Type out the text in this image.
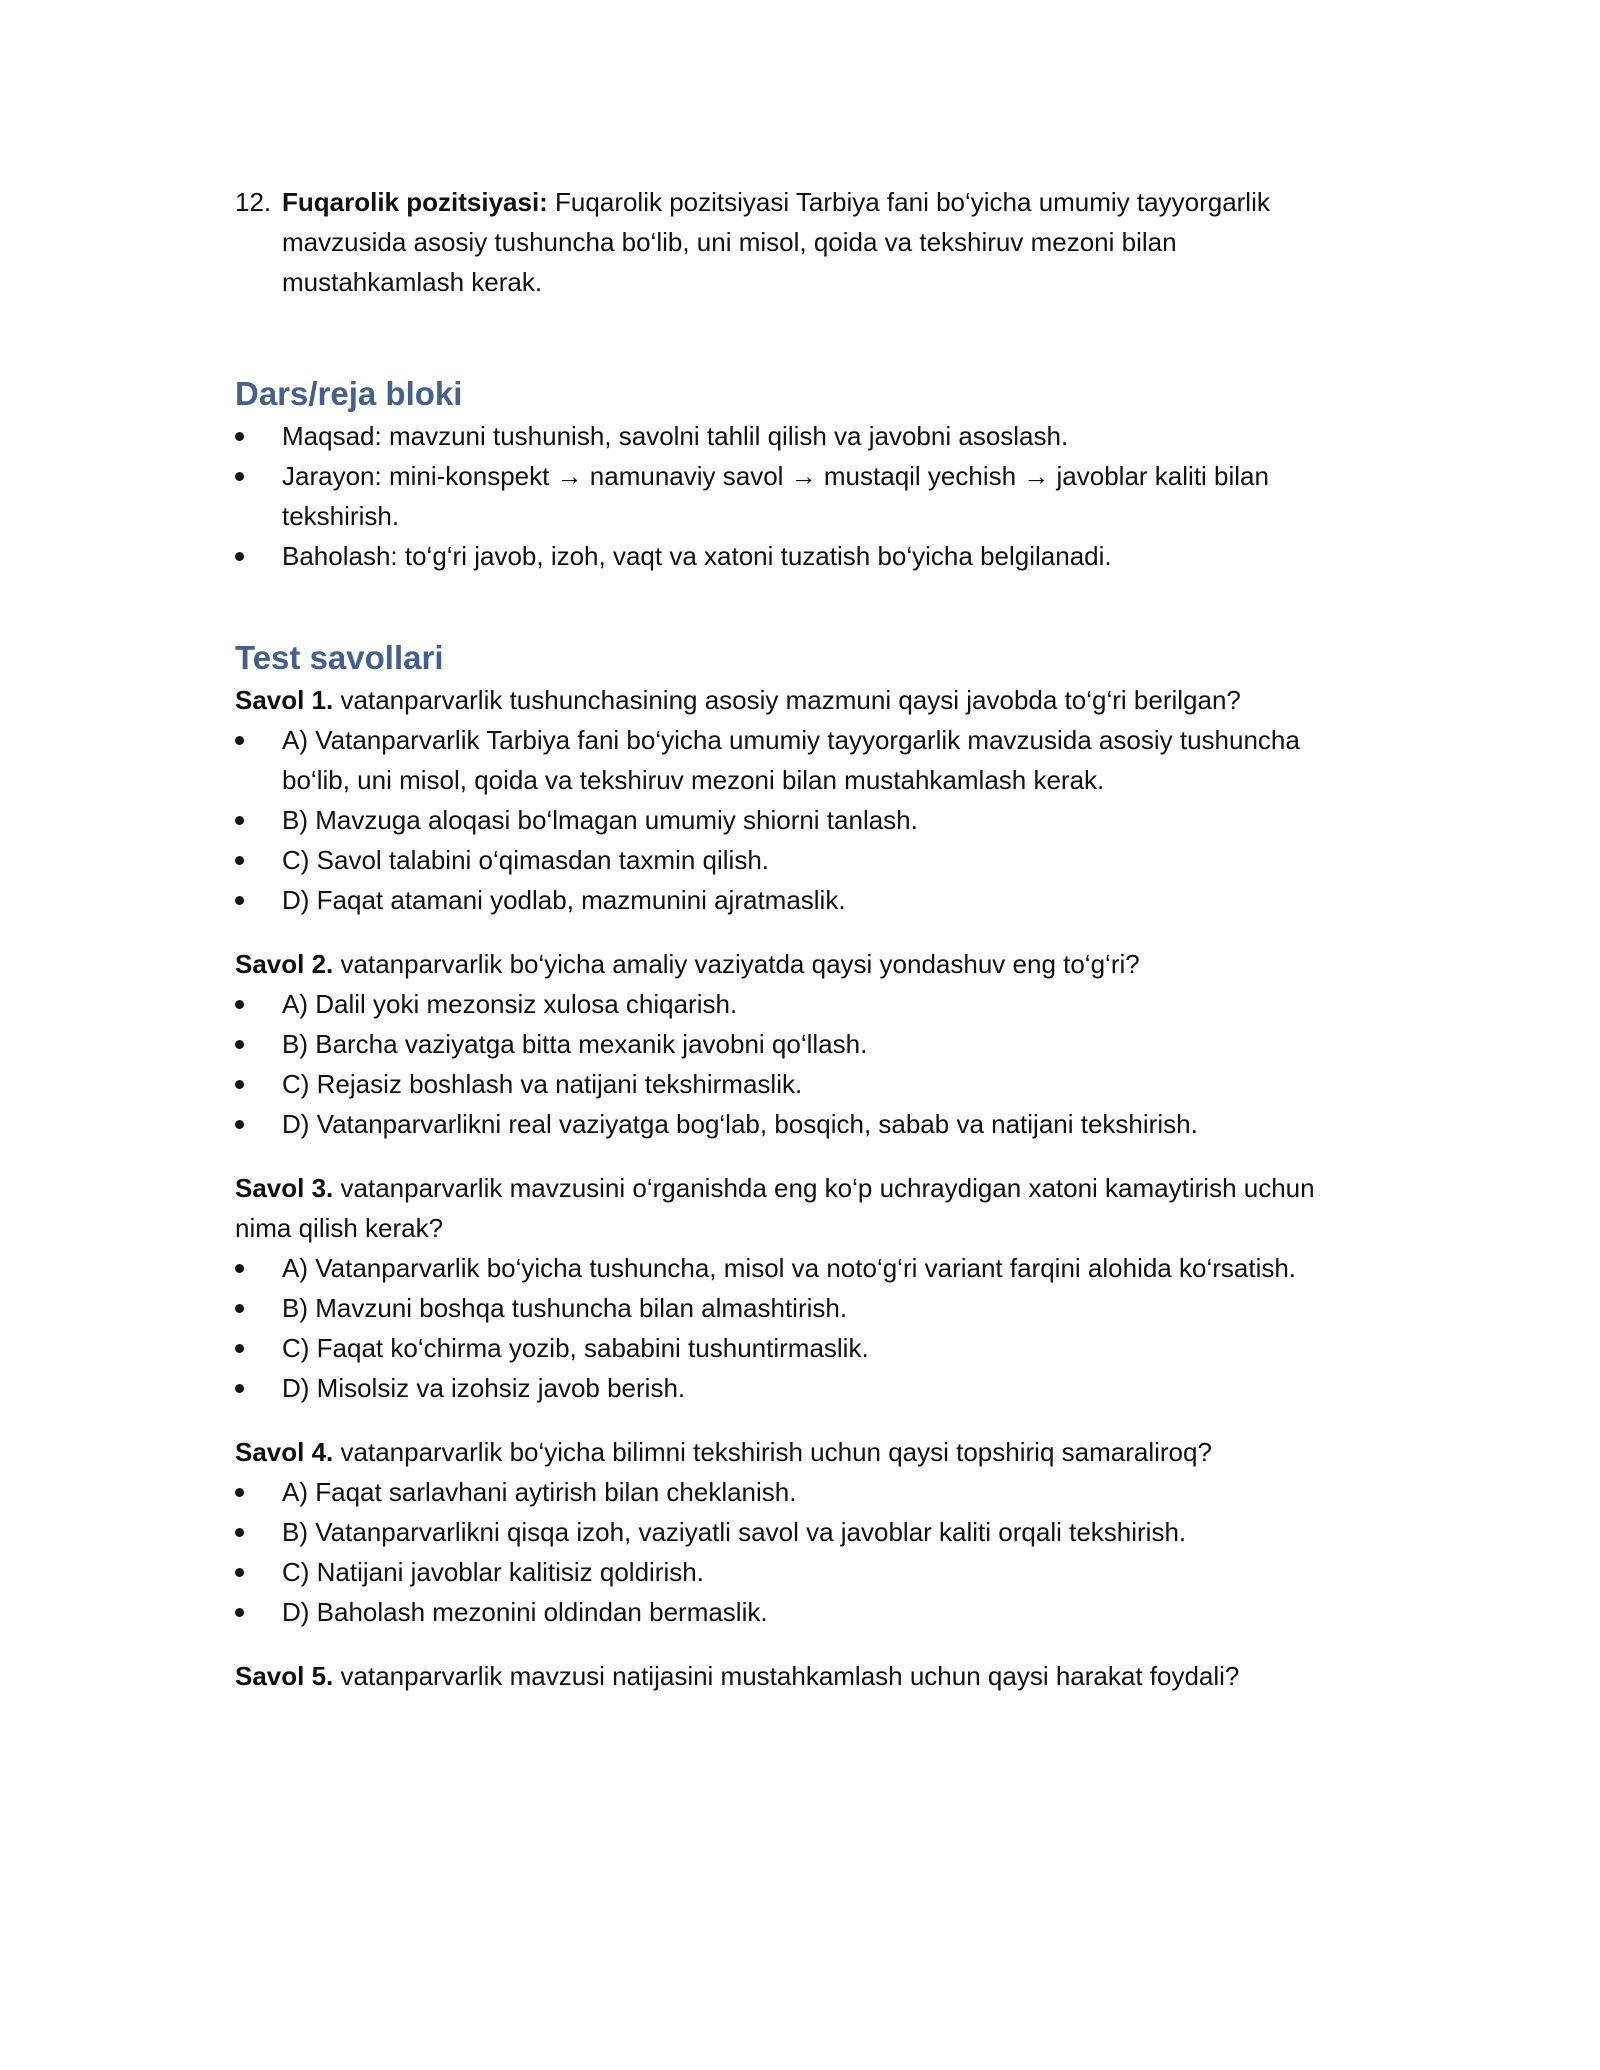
12. Fuqarolik pozitsiyasi: Fuqarolik pozitsiyasi Tarbiya fani bo‘yicha umumiy tayyorgarlik mavzusida asosiy tushuncha bo‘lib, uni misol, qoida va tekshiruv mezoni bilan mustahkamlash kerak.
Dars/reja bloki
Maqsad: mavzuni tushunish, savolni tahlil qilish va javobni asoslash.
Jarayon: mini-konspekt → namunaviy savol → mustaqil yechish → javoblar kaliti bilan tekshirish.
Baholash: to‘g‘ri javob, izoh, vaqt va xatoni tuzatish bo‘yicha belgilanadi.
Test savollari
Savol 1. vatanparvarlik tushunchasining asosiy mazmuni qaysi javobda to‘g‘ri berilgan?
A) Vatanparvarlik Tarbiya fani bo‘yicha umumiy tayyorgarlik mavzusida asosiy tushuncha bo‘lib, uni misol, qoida va tekshiruv mezoni bilan mustahkamlash kerak.
B) Mavzuga aloqasi bo‘lmagan umumiy shiorni tanlash.
C) Savol talabini o‘qimasdan taxmin qilish.
D) Faqat atamani yodlab, mazmunini ajratmaslik.
Savol 2. vatanparvarlik bo‘yicha amaliy vaziyatda qaysi yondashuv eng to‘g‘ri?
A) Dalil yoki mezonsiz xulosa chiqarish.
B) Barcha vaziyatga bitta mexanik javobni qo‘llash.
C) Rejasiz boshlash va natijani tekshirmaslik.
D) Vatanparvarlikni real vaziyatga bog‘lab, bosqich, sabab va natijani tekshirish.
Savol 3. vatanparvarlik mavzusini o‘rganishda eng ko‘p uchraydigan xatoni kamaytirish uchun nima qilish kerak?
A) Vatanparvarlik bo‘yicha tushuncha, misol va noto‘g‘ri variant farqini alohida ko‘rsatish.
B) Mavzuni boshqa tushuncha bilan almashtirish.
C) Faqat ko‘chirma yozib, sababini tushuntirmaslik.
D) Misolsiz va izohsiz javob berish.
Savol 4. vatanparvarlik bo‘yicha bilimni tekshirish uchun qaysi topshiriq samaraliroq?
A) Faqat sarlavhani aytirish bilan cheklanish.
B) Vatanparvarlikni qisqa izoh, vaziyatli savol va javoblar kaliti orqali tekshirish.
C) Natijani javoblar kalitisiz qoldirish.
D) Baholash mezonini oldindan bermaslik.
Savol 5. vatanparvarlik mavzusi natijasini mustahkamlash uchun qaysi harakat foydali?
